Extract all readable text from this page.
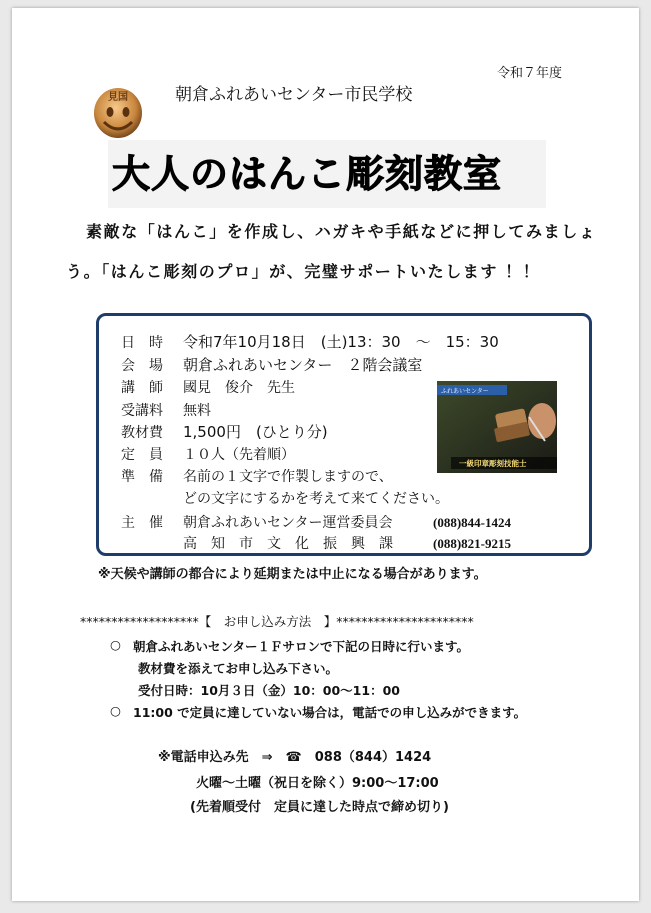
令和７年度
見国	朝倉ふれあいセンター市民学校
大人のはんこ彫刻教室
素敵な「はんこ」を作成し、ハガキや手紙などに押してみましょ
う。「はんこ彫刻のプロ」が、完璧サポートいたします ！！
日　時 令和7年10月18日　(土)13：30　～　15：30
会　場 朝倉ふれあいセンター　２階会議室
講　師 國見　俊介　先生
受講料 無料
教材費 1,500円　(ひとり分)
定　員 １０人（先着順）
準　備 名前の１文字で作製しますので、
どの文字にするかを考えて来てください。
主　催 朝倉ふれあいセンター運営委員会	(088)844-1424
高　知　市　文　化　振　興　課	(088)821-9215
ふれあいセンター
一級印章彫刻技能士
※天候や講師の都合により延期または中止になる場合があります。
*******************【　お申し込み方法　】**********************
○ 朝倉ふれあいセンター１Ｆサロンで下記の日時に行います。
教材費を添えてお申し込み下さい。
受付日時：10月３日（金）10：00～11：00
○ 11:00 で定員に達していない場合は，電話での申し込みができます。
※電話申込み先　⇒　☎　088（844）1424
火曜～土曜（祝日を除く）9:00～17:00
(先着順受付　定員に達した時点で締め切り)
